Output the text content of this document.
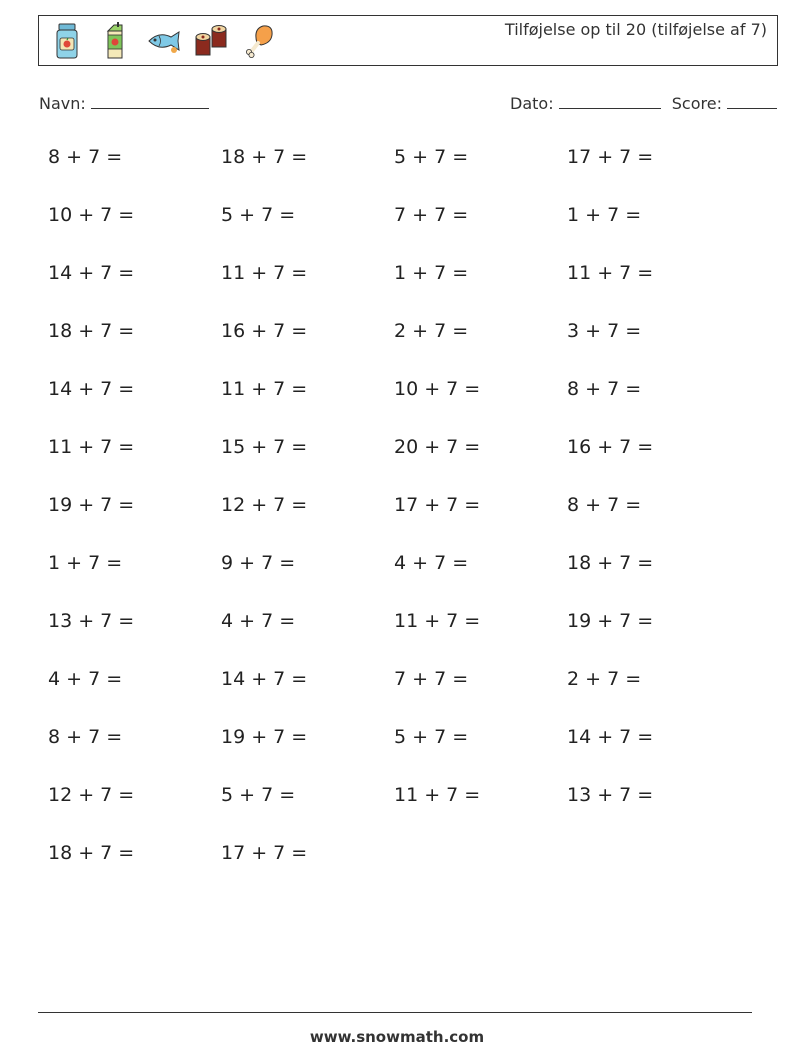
Tilføjelse op til 20 (tilføjelse af 7)
Navn:	Dato:	Score:
8 + 7 =	18 + 7 =	5 + 7 =	17 + 7 =
10 + 7 =	5 + 7 =	7 + 7 =	1 + 7 =
14 + 7 =	11 + 7 =	1 + 7 =	11 + 7 =
18 + 7 =	16 + 7 =	2 + 7 =	3 + 7 =
14 + 7 =	11 + 7 =	10 + 7 =	8 + 7 =
11 + 7 =	15 + 7 =	20 + 7 =	16 + 7 =
19 + 7 =	12 + 7 =	17 + 7 =	8 + 7 =
1 + 7 =	9 + 7 =	4 + 7 =	18 + 7 =
13 + 7 =	4 + 7 =	11 + 7 =	19 + 7 =
4 + 7 =	14 + 7 =	7 + 7 =	2 + 7 =
8 + 7 =	19 + 7 =	5 + 7 =	14 + 7 =
12 + 7 =	5 + 7 =	11 + 7 =	13 + 7 =
18 + 7 =	17 + 7 =
www.snowmath.com
